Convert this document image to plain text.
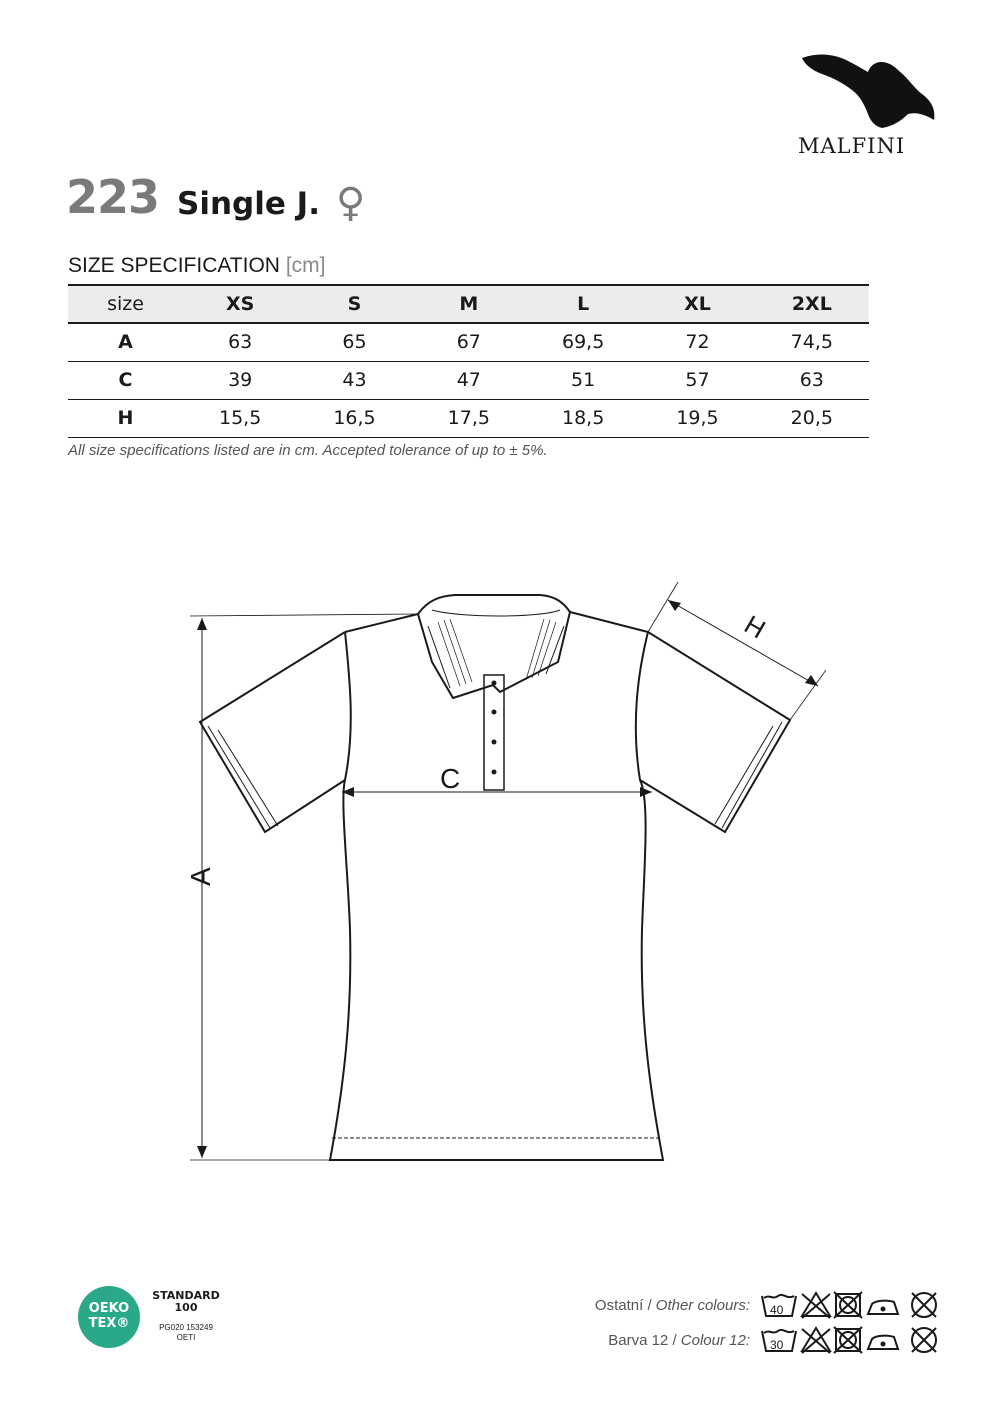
MALFINI
223 Single J. ♀
SIZE SPECIFICATION [cm]
size	XS	S	M	L	XL	2XL
A	63	65	67	69,5	72	74,5
C	39	43	47	51	57	63
H	15,5	16,5	17,5	18,5	19,5	20,5
All size specifications listed are in cm. Accepted tolerance of up to ± 5%.
C
A
H
OEKO
TEX®
STANDARD
100
PG020 153249
OETI
Ostatní / Other colours:
Barva 12 / Colour 12:
40
30
